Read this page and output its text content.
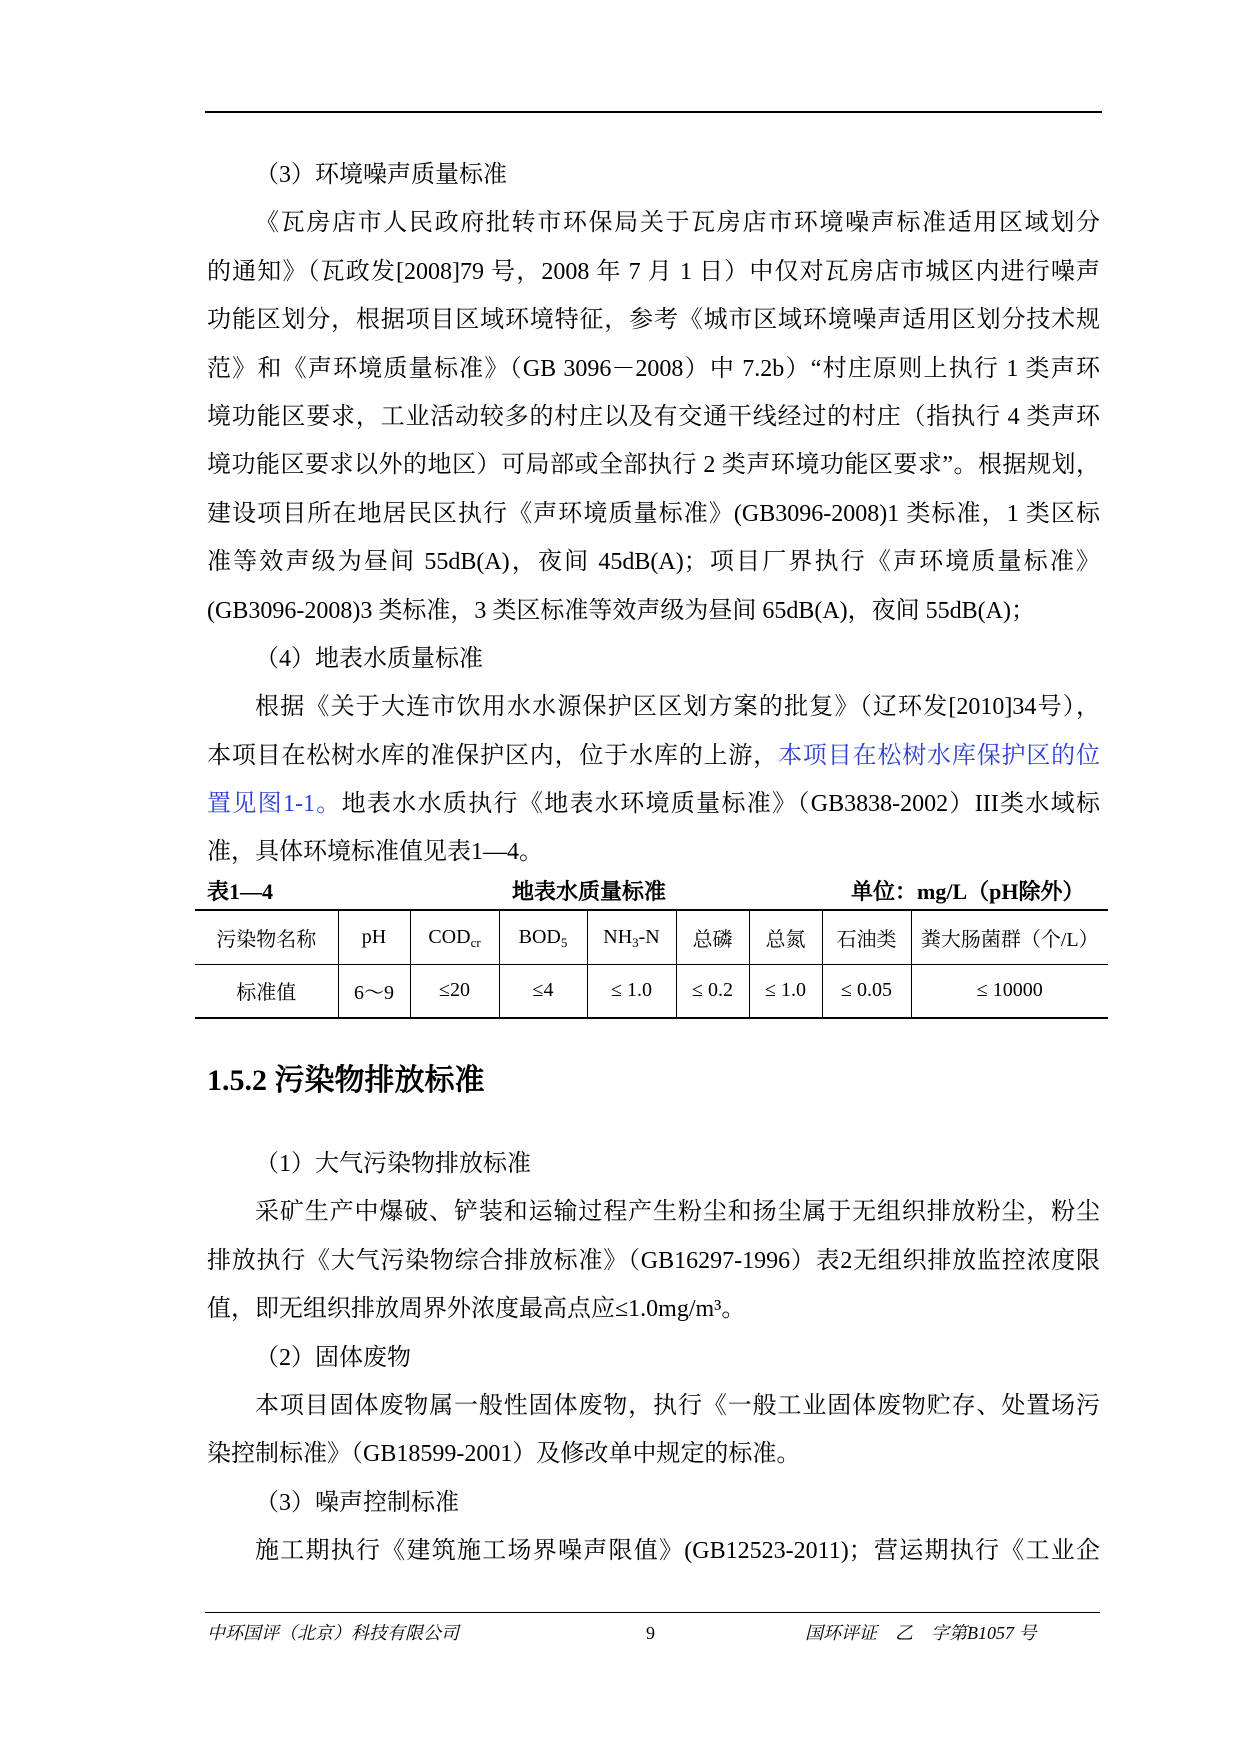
（3）环境噪声质量标准
《瓦房店市人民政府批转市环保局关于瓦房店市环境噪声标准适用区域划分
的通知》（瓦政发[2008]79 号，2008 年 7 月 1 日）中仅对瓦房店市城区内进行噪声
功能区划分，根据项目区域环境特征，参考《城市区域环境噪声适用区划分技术规
范》和《声环境质量标准》（GB 3096－2008）中 7.2b）“村庄原则上执行 1 类声环
境功能区要求，工业活动较多的村庄以及有交通干线经过的村庄（指执行 4 类声环
境功能区要求以外的地区）可局部或全部执行 2 类声环境功能区要求”。根据规划，
建设项目所在地居民区执行《声环境质量标准》(GB3096-2008)1 类标准，1 类区标
准等效声级为昼间 55dB(A)，夜间 45dB(A)；项目厂界执行《声环境质量标准》
(GB3096-2008)3 类标准，3 类区标准等效声级为昼间 65dB(A)，夜间 55dB(A)；
（4）地表水质量标准
根据《关于大连市饮用水水源保护区区划方案的批复》（辽环发[2010]34号），
本项目在松树水库的准保护区内，位于水库的上游，本项目在松树水库保护区的位
置见图1-1。地表水水质执行《地表水环境质量标准》（GB3838-2002）III类水域标
准，具体环境标准值见表1—4。
表1—4	地表水质量标准	单位：mg/L（pH除外）
污染物名称	pH	$COD_{cr}$	$BOD_5$	$NH_3-N$	总磷	总氮	石油类	粪大肠菌群（个/L）
标准值	6～9	≤20	≤4	≤ 1.0	≤ 0.2	≤ 1.0	≤ 0.05	≤ 10000
1.5.2 污染物排放标准
（1）大气污染物排放标准
采矿生产中爆破、铲装和运输过程产生粉尘和扬尘属于无组织排放粉尘，粉尘
排放执行《大气污染物综合排放标准》（GB16297-1996）表2无组织排放监控浓度限
值，即无组织排放周界外浓度最高点应≤1.0mg/m³。
（2）固体废物
本项目固体废物属一般性固体废物，执行《一般工业固体废物贮存、处置场污
染控制标准》（GB18599-2001）及修改单中规定的标准。
（3）噪声控制标准
施工期执行《建筑施工场界噪声限值》(GB12523-2011)；营运期执行《工业企
中环国评（北京）科技有限公司	9	国环评证　乙　字第B1057 号
